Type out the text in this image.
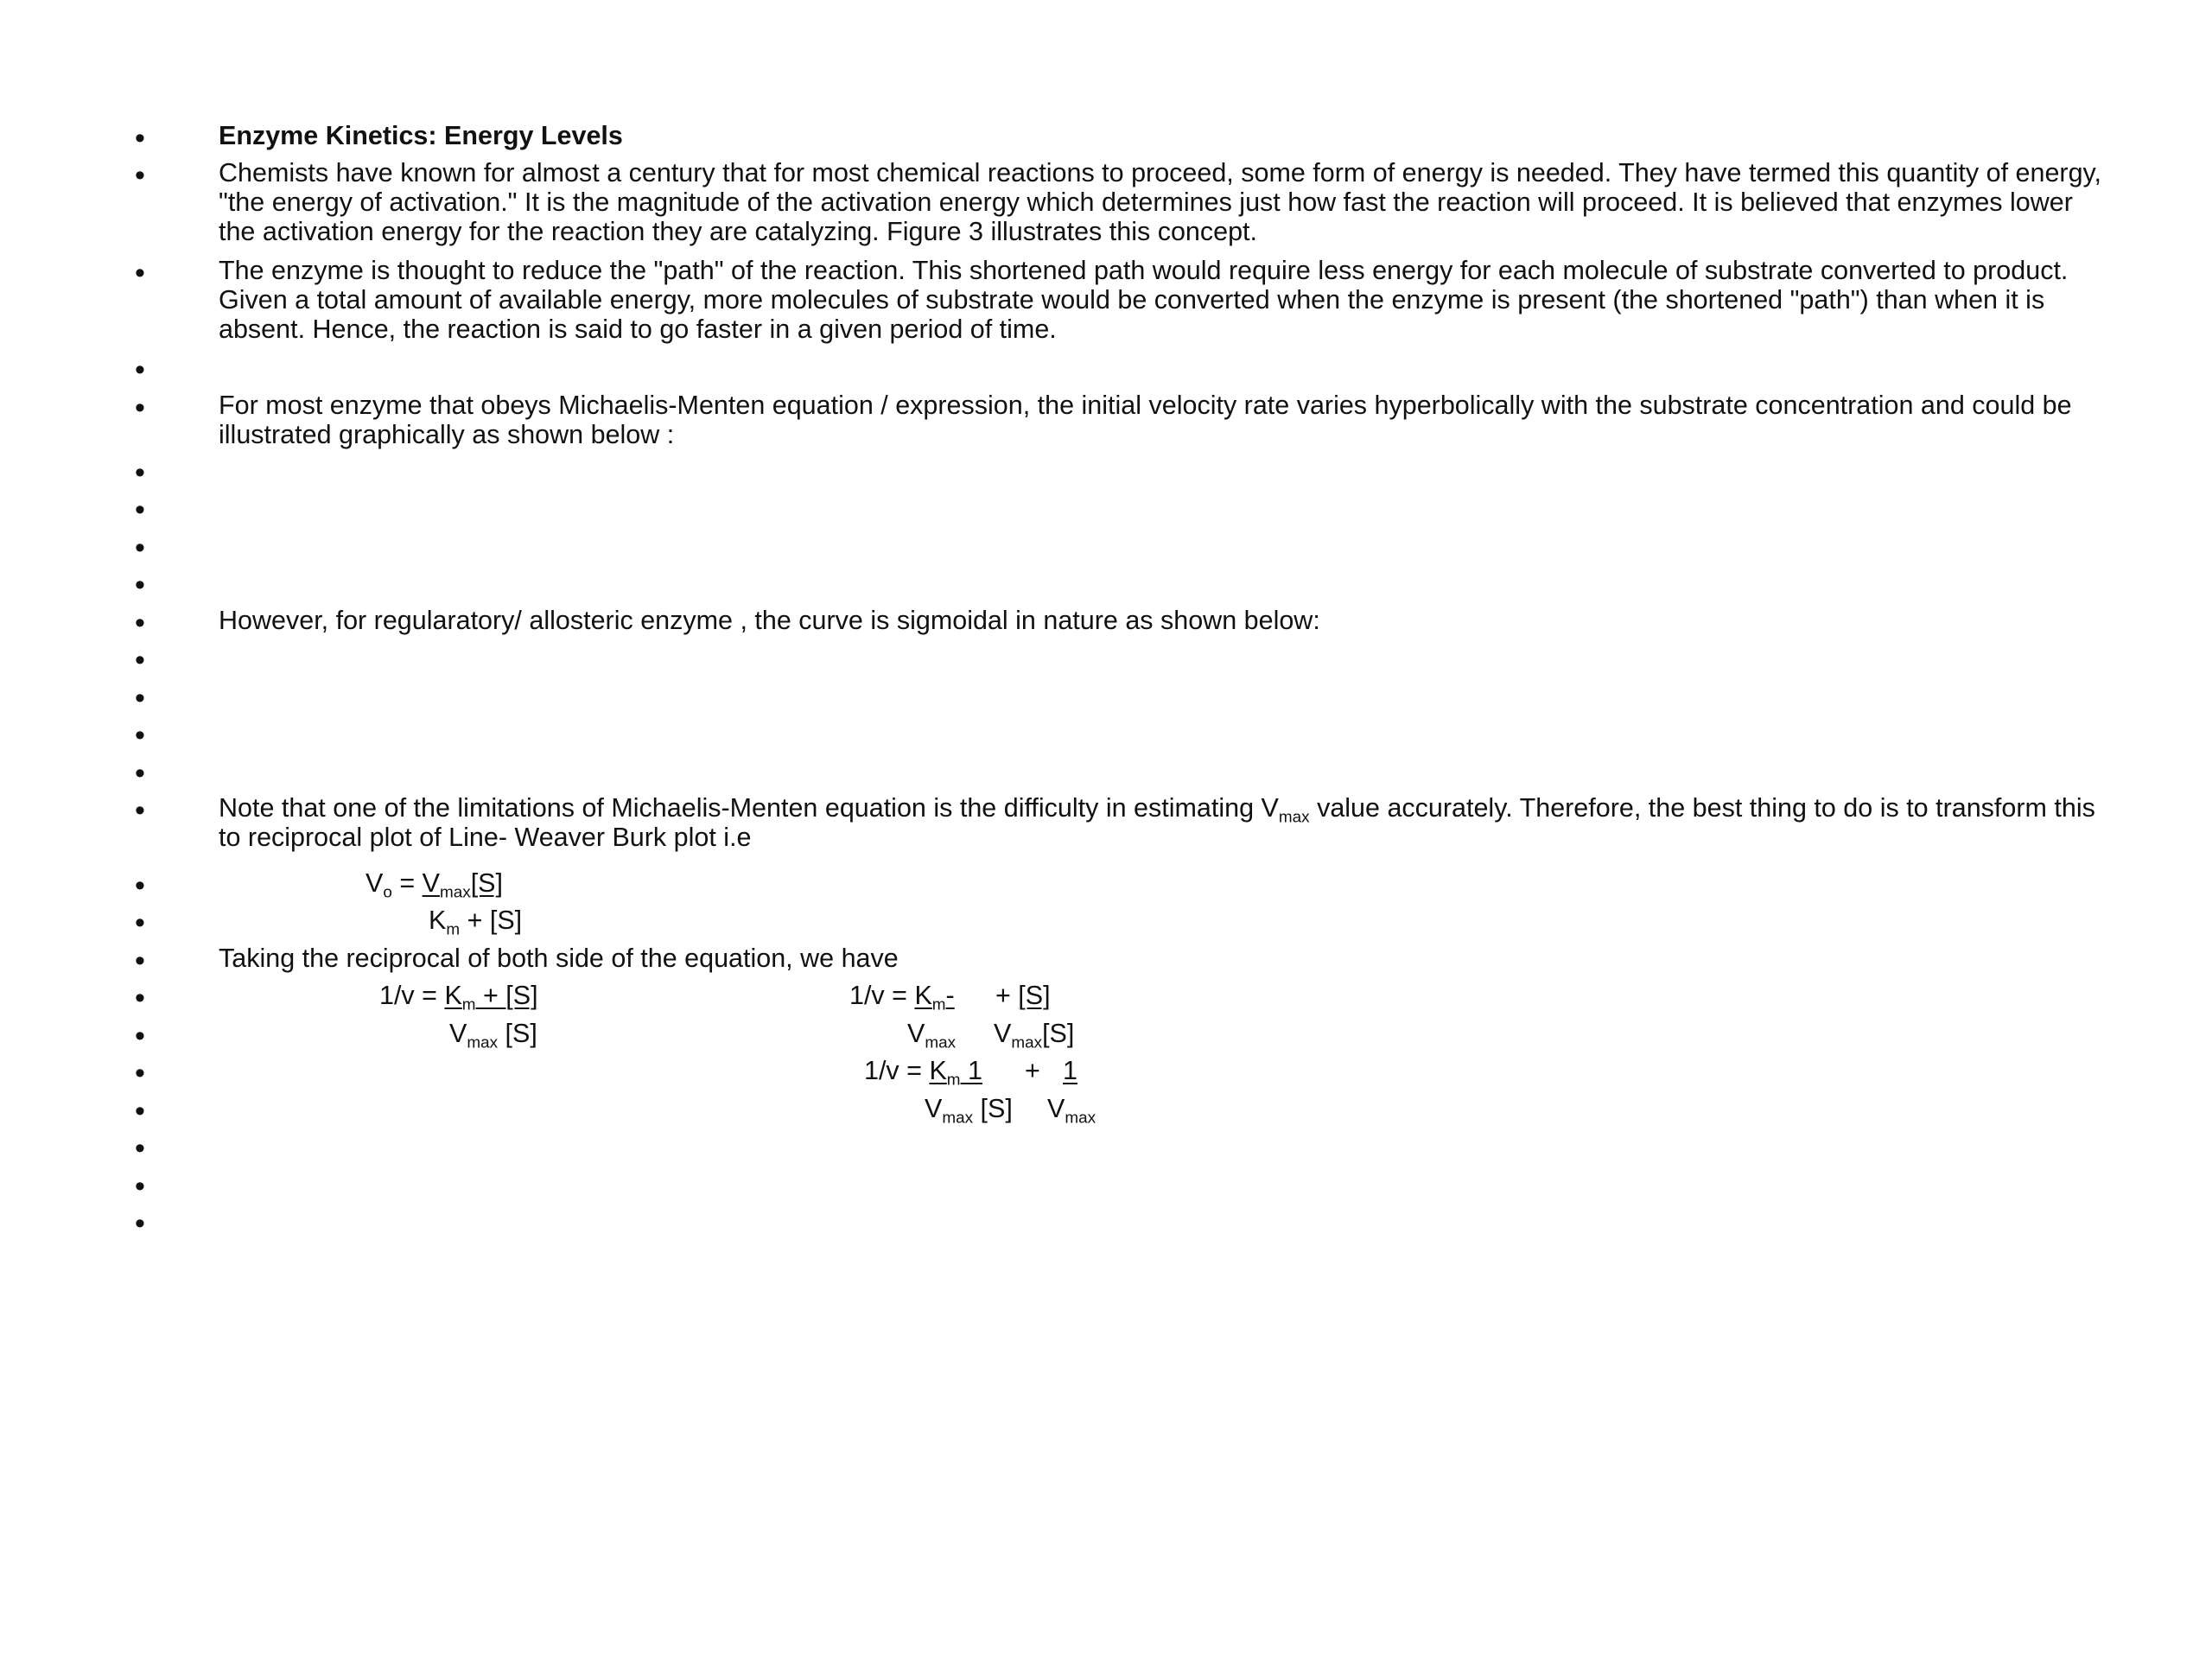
•
•
•
•
•
•
•
•
•
•
•
•
•
•
•
•
•
•
•
•
•
•
•
•
•
Enzyme Kinetics: Energy Levels
Chemists have known for almost a century that for most chemical reactions to proceed, some form of energy is needed. They have termed this quantity of energy, "the energy of activation." It is the magnitude of the activation energy which determines just how fast the reaction will proceed. It is believed that enzymes lower the activation energy for the reaction they are catalyzing. Figure 3 illustrates this concept.
The enzyme is thought to reduce the "path" of the reaction. This shortened path would require less energy for each molecule of substrate converted to product. Given a total amount of available energy, more molecules of substrate would be converted when the enzyme is present (the shortened "path") than when it is absent. Hence, the reaction is said to go faster in a given period of time.
For most enzyme that obeys Michaelis-Menten equation / expression, the initial velocity rate varies hyperbolically with the substrate concentration and could be illustrated graphically as shown below :
However, for regularatory/ allosteric enzyme , the curve is sigmoidal in nature as shown below:
Note that one of the limitations of Michaelis-Menten equation is the difficulty in estimating $V_{max}$ value accurately. Therefore, the best thing to do is to transform this to reciprocal plot of Line- Weaver Burk plot i.e
Taking the reciprocal of both side of the equation, we have
$V_o = V_{max}[S]$
$K_m + [S]$
$1/v = K_m + [S]$
$V_{max}$ [S]
$1/v = K_m- + [S]$
$V_{max}$ $V_{max}[S]$
$1/v = K_m$ 1 + 1
$V_{max}$ [S] $V_{max}$
